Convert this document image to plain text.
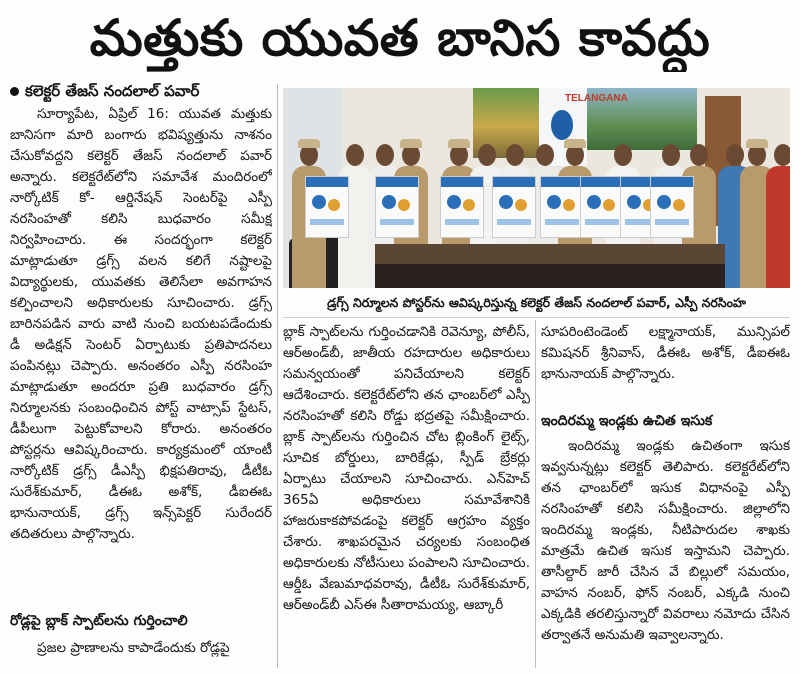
మత్తుకు యువత బానిస కావద్దు
కలెక్టర్ తేజస్ నందలాల్ పవార్

సూర్యాపేట, ఏప్రిల్ 16: యువత మత్తుకు బానిసగా మారి బంగారు భవిష్యత్తును నాశనం చేసుకోవద్దని కలెక్టర్ తేజస్ నందలాల్ పవార్ అన్నారు. కలెక్టరేట్‌లోని సమావేశ మందిరంలో నార్కోటిక్ కో- ఆర్డినేషన్ సెంటర్‌పై ఎస్పీ నరసింహతో కలిసి బుధవారం సమీక్ష నిర్వహించారు. ఈ సందర్భంగా కలెక్టర్ మాట్లాడుతూ డ్రగ్స్ వలన కలిగే నష్టాలపై విద్యార్థులకు, యువతకు తెలిసేలా అవగాహన కల్పించాలని అధికారులకు సూచించారు. డ్రగ్స్ బారినపడిన వారు వాటి నుంచి బయటపడేందుకు డీ అడిక్షన్ సెంటర్ ఏర్పాటుకు ప్రతిపాదనలు పంపినట్లు చెప్పారు. అనంతరం ఎస్పీ నరసింహ మాట్లాడుతూ అందరూ ప్రతి బుధవారం డ్రగ్స్ నిర్మూలనకు సంబంధించిన పోస్ట్ వాట్సాప్ స్టేటస్, డీపీలుగా పెట్టుకోవాలని కోరారు. అనంతరం పోస్టర్లను ఆవిష్కరించారు. కార్యక్రమంలో యాంటీ నార్కోటిక్ డ్రగ్స్ డీఎస్పీ భిక్షపతిరావు, డీటీఓ సురేశ్‌కుమార్, డీఈఓ అశోక్, డీఐఈఓ భానునాయక్, డ్రగ్స్ ఇన్స్‌పెక్టర్ సురేందర్ తదితరులు పాల్గొన్నారు.

రోడ్లపై బ్లాక్ స్పాట్‌లను గుర్తించాలి

ప్రజల ప్రాణాలను కాపాడేందుకు రోడ్లపై

TELANGANA
డ్రగ్స్ నిర్మూలన పోస్టర్‌ను ఆవిష్కరిస్తున్న కలెక్టర్ తేజస్ నందలాల్ పవార్, ఎస్పీ నరసింహ

బ్లాక్ స్పాట్‌లను గుర్తించడానికి రెవెన్యూ, పోలీస్, ఆర్అండ్‌బీ, జాతీయ రహదారుల అధికారులు సమన్వయంతో పనిచేయాలని కలెక్టర్ ఆదేశించారు. కలెక్టరేట్‌లోని తన ఛాంబర్‌లో ఎస్పీ నరసింహతో కలిసి రోడ్డు భద్రతపై సమీక్షించారు. బ్లాక్ స్పాట్‌లను గుర్తించిన చోట బ్లింకింగ్ లైట్స్, సూచిక బోర్డులు, బారికేడ్లు, స్పీడ్ బ్రేకర్లు ఏర్పాటు చేయాలని సూచించారు. ఎన్‌హెచ్ 365ఏ అధికారులు సమావేశానికి హాజరుకాకపోవడంపై కలెక్టర్ ఆగ్రహం వ్యక్తం చేశారు. శాఖపరమైన చర్యలకు సంబంధిత అధికారులకు నోటీసులు పంపాలని సూచించారు. ఆర్డీఓ వేణుమాధవరావు, డీటీఓ సురేశ్‌కుమార్, ఆర్అండ్‌బీ ఎస్ఈ సీతారామయ్య, ఆబ్కారీ

సూపరింటెండెంట్ లక్ష్మానాయక్, మున్సిపల్ కమిషనర్ శ్రీనివాస్, డీఈఓ అశోక్, డీఐఈఓ భానునాయక్ పాల్గొన్నారు.

ఇందిరమ్మ ఇండ్లకు ఉచిత ఇసుక

ఇందిరమ్మ ఇండ్లకు ఉచితంగా ఇసుక ఇవ్వనున్నట్లు కలెక్టర్ తెలిపారు. కలెక్టరేట్‌లోని తన ఛాంబర్‌లో ఇసుక విధానంపై ఎస్పీ నరసింహతో కలిసి సమీక్షించారు. జిల్లాలోని ఇందిరమ్మ ఇండ్లకు, నీటిపారుదల శాఖకు మాత్రమే ఉచిత ఇసుక ఇస్తామని చెప్పారు. తాసీల్దార్ జారీ చేసిన వే బిల్లులో సమయం, వాహన నంబర్, ఫోన్ నంబర్, ఎక్కడి నుంచి ఎక్కడికి తరలిస్తున్నారో వివరాలు నమోదు చేసిన తర్వాతనే అనుమతి ఇవ్వాలన్నారు.
